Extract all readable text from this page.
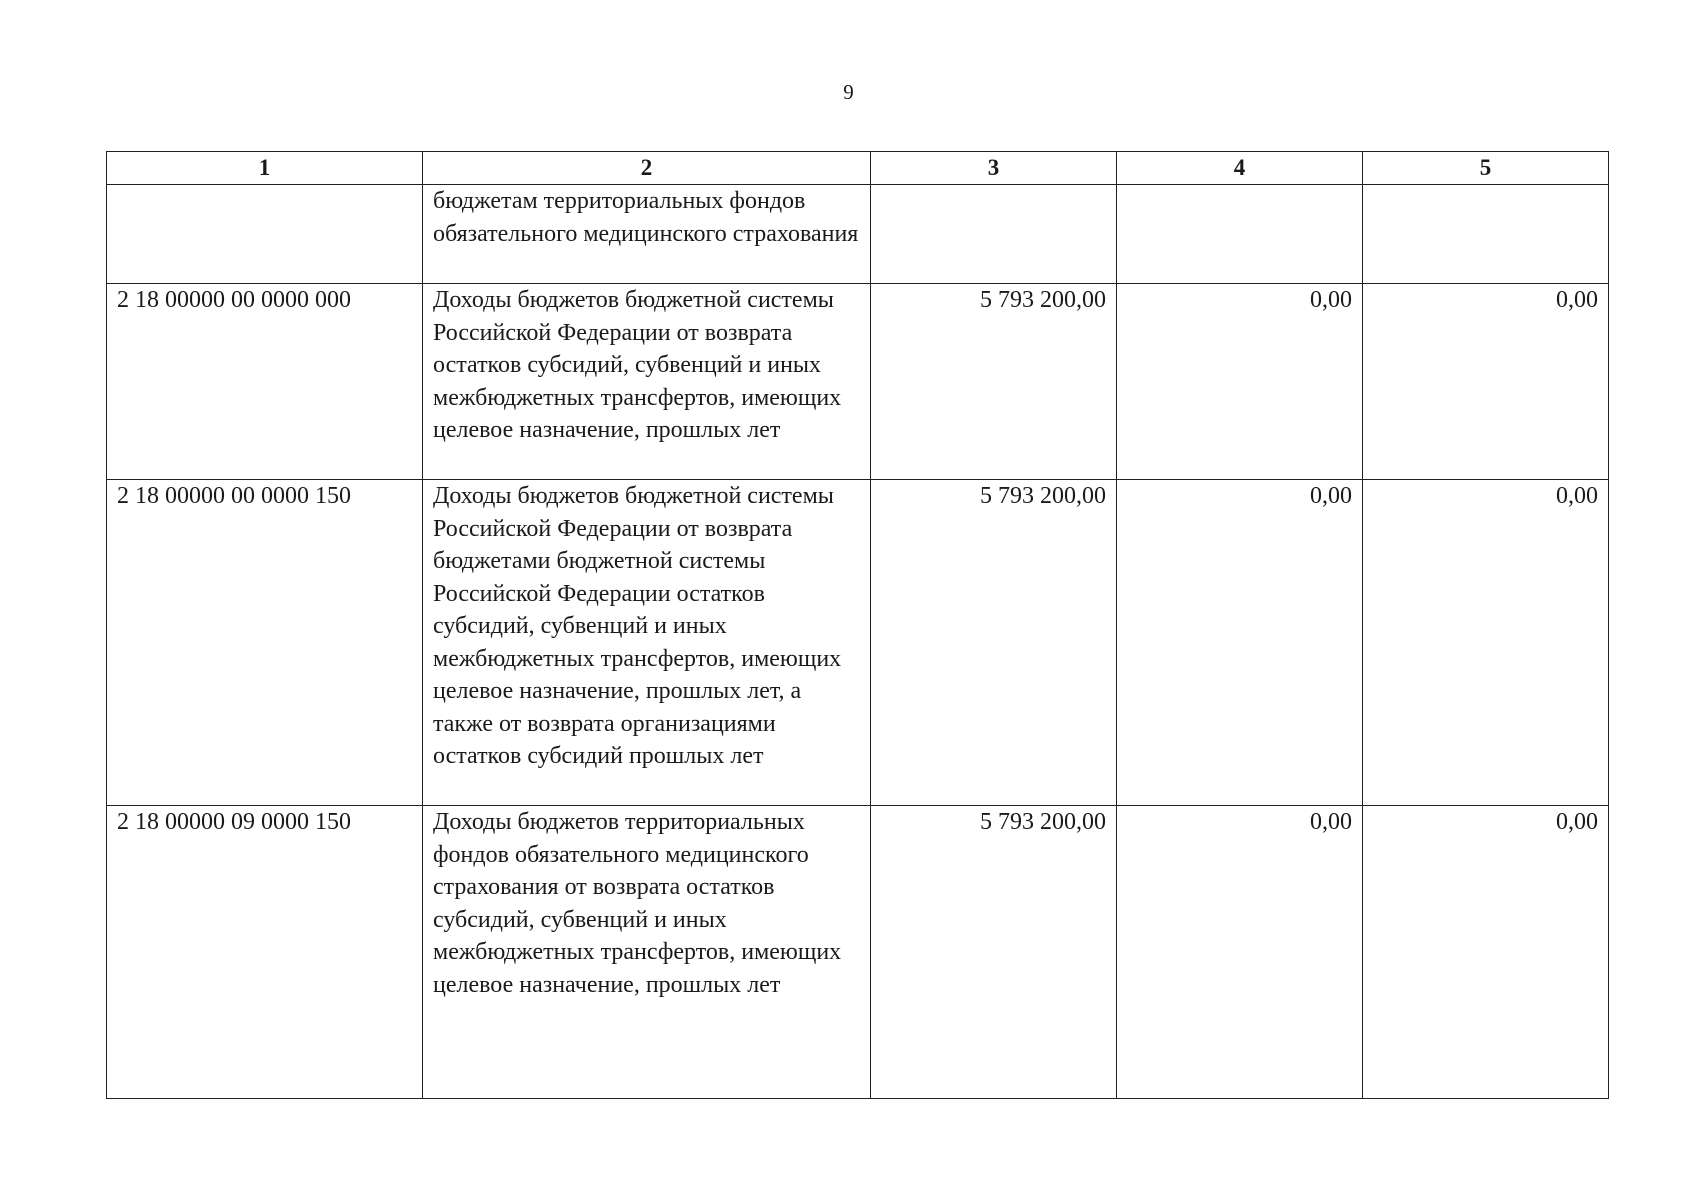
9
1	2	3	4	5
	бюджетам территориальных фондов обязательного медицинского страхования			
2 18 00000 00 0000 000	Доходы бюджетов бюджетной системы Российской Федерации от возврата остатков субсидий, субвенций и иных межбюджетных трансфертов, имеющих целевое назначение, прошлых лет	5 793 200,00	0,00	0,00
2 18 00000 00 0000 150	Доходы бюджетов бюджетной системы Российской Федерации от возврата бюджетами бюджетной системы Российской Федерации остатков субсидий, субвенций и иных межбюджетных трансфертов, имеющих целевое назначение, прошлых лет, а также от возврата организациями остатков субсидий прошлых лет	5 793 200,00	0,00	0,00
2 18 00000 09 0000 150	Доходы бюджетов территориальных фондов обязательного медицинского страхования от возврата остатков субсидий, субвенций и иных межбюджетных трансфертов, имеющих целевое назначение, прошлых лет	5 793 200,00	0,00	0,00
